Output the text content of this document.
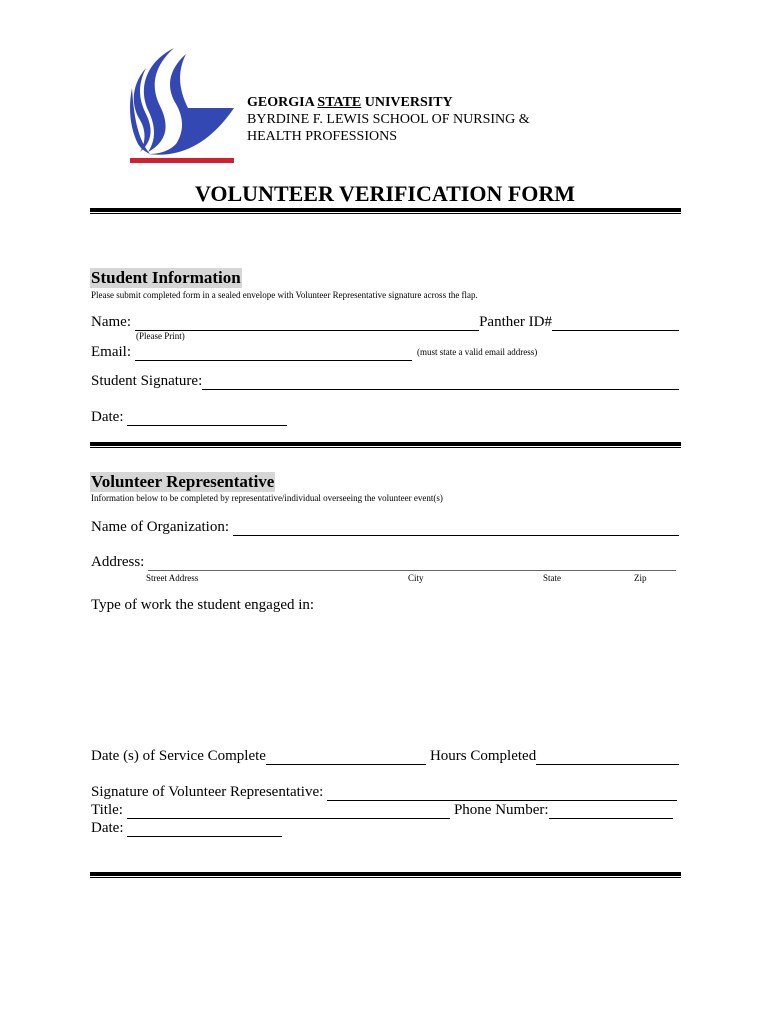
GEORGIA STATE UNIVERSITY
BYRDINE F. LEWIS SCHOOL OF NURSING &
HEALTH PROFESSIONS
VOLUNTEER VERIFICATION FORM
Student Information
Please submit completed form in a sealed envelope with Volunteer Representative signature across the flap.
Name:	Panther ID#
(Please Print)
Email:	(must state a valid email address)
Student Signature:
Date:
Volunteer Representative
Information below to be completed by representative/individual overseeing the volunteer event(s)
Name of Organization:
Address:
Street Address	City	State	Zip
Type of work the student engaged in:
Date (s) of Service Complete	Hours Completed
Signature of Volunteer Representative:
Title:	Phone Number:
Date:
